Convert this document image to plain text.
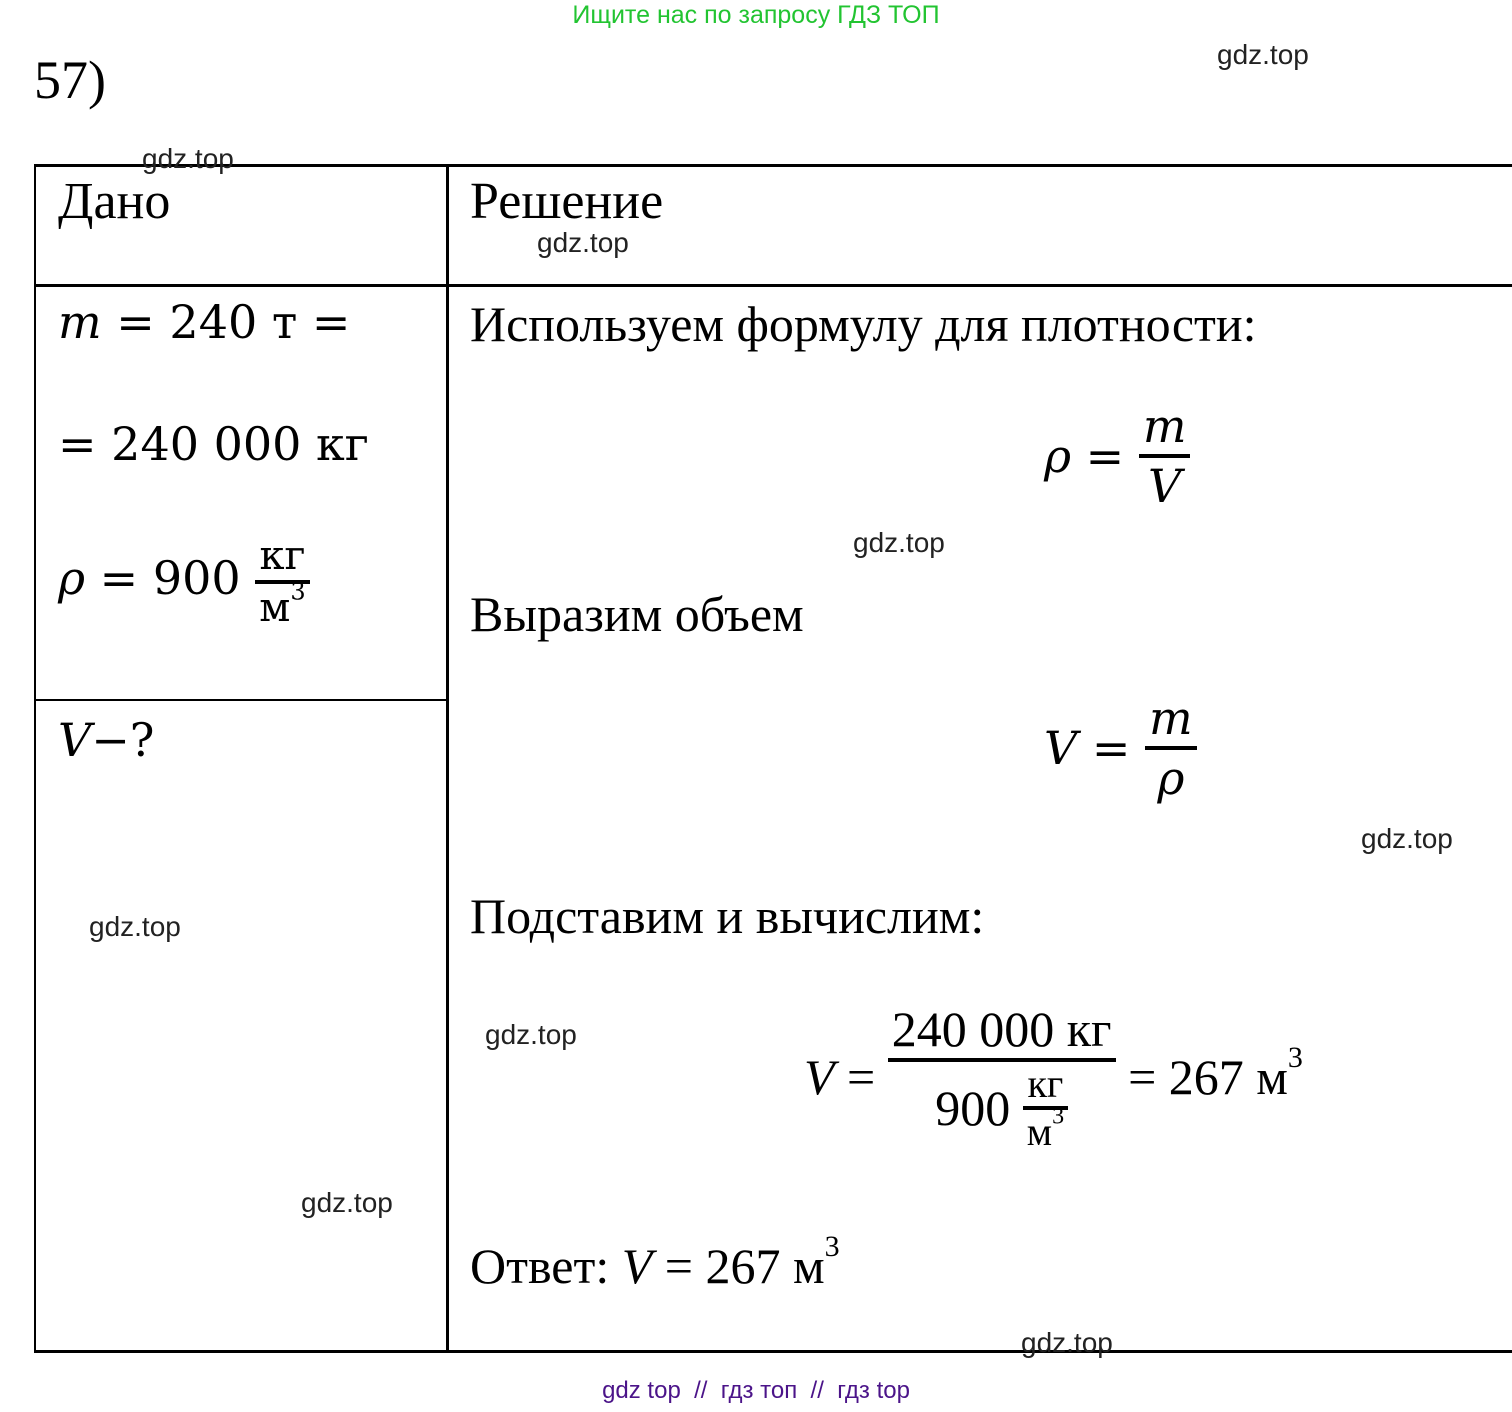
Ищите нас по запросу ГДЗ ТОП
57)
Дано	Решение
m = 240 т =
= 240 000 кг
$\rho = 900 \frac{кг}{м^3}$
V−?
Используем формулу для плотности:
$\rho = \frac{m}{V}$
Выразим объем
$V = \frac{m}{\rho}$
Подставим и вычислим:
$V = \frac{240 000 кг}{900 \frac{кг}{м^3}} = 267$ $м^3$
Ответ: V = 267 $м^3$
gdz.top
gdz.top
gdz.top
gdz.top
gdz.top
gdz.top
gdz.top
gdz.top
gdz.top
gdz top  //  гдз топ  //  гдз top
